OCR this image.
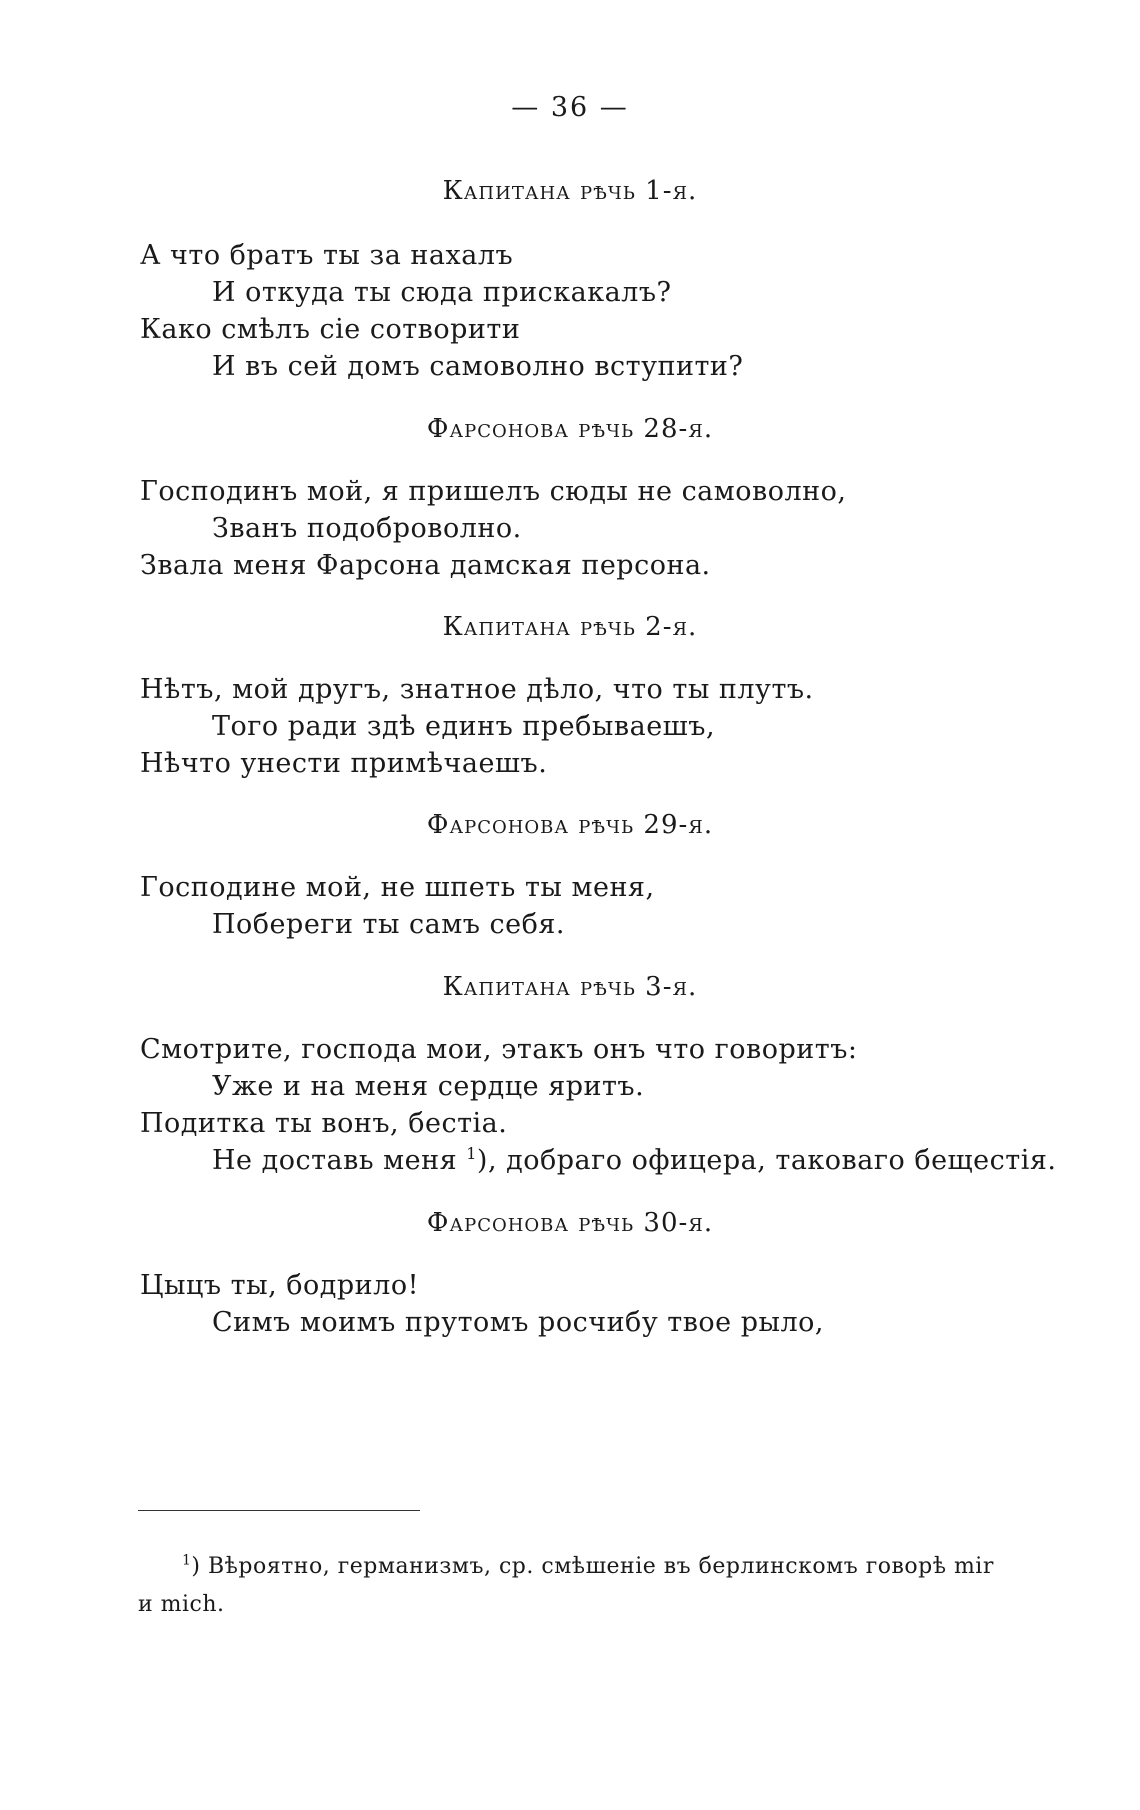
— 36 —
Капитана рѣчь 1-я.
А что братъ ты за нахалъ
И откуда ты сюда прискакалъ?
Како смѣлъ сіе сотворити
И въ сей домъ самоволно вступити?
Фарсонова рѣчь 28-я.
Господинъ мой, я пришелъ сюды не самоволно,
Званъ подоброволно.
Звала меня Фарсона дамская персона.
Капитана рѣчь 2-я.
Нѣтъ, мой другъ, знатное дѣло, что ты плутъ.
Того ради здѣ единъ пребываешъ,
Нѣчто унести примѣчаешъ.
Фарсонова рѣчь 29-я.
Господине мой, не шпеть ты меня,
Побереги ты самъ себя.
Капитана рѣчь 3-я.
Смотрите, господа мои, этакъ онъ что говоритъ:
Уже и на меня сердце яритъ.
Подитка ты вонъ, бестіа.
Не доставь меня $^1$), добраго офицера, таковаго бещестія.
Фарсонова рѣчь 30-я.
Цыцъ ты, бодрило!
Симъ моимъ прутомъ росчибу твое рыло,
$^1$) Вѣроятно, германизмъ, ср. смѣшеніе въ берлинскомъ говорѣ mir и mich.
